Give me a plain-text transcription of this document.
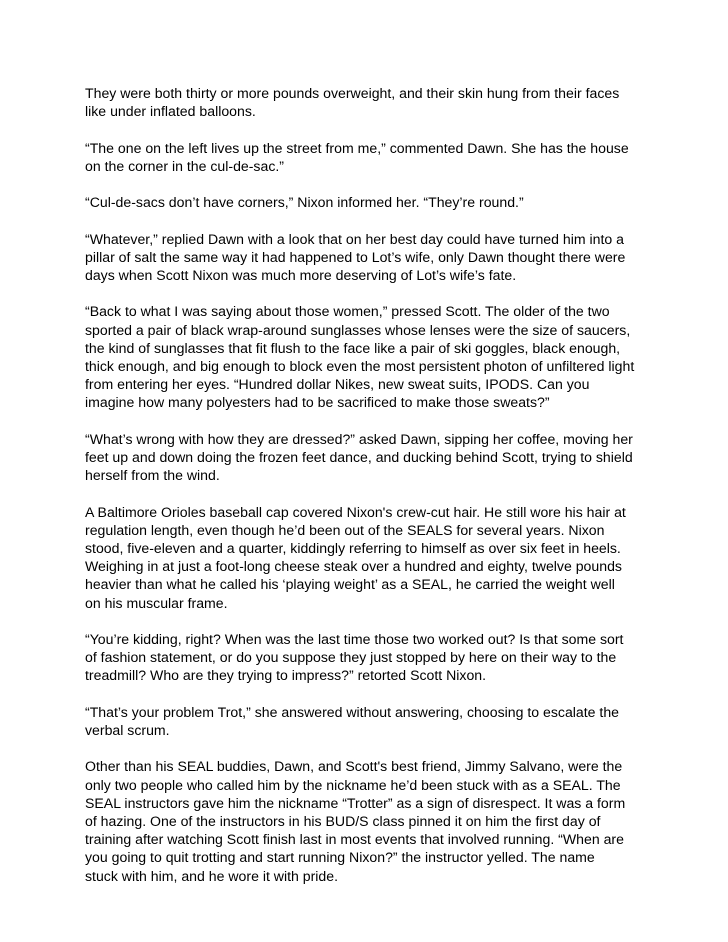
They were both thirty or more pounds overweight, and their skin hung from their faces
like under inflated balloons.

“The one on the left lives up the street from me,” commented Dawn. She has the house
on the corner in the cul-de-sac.”

“Cul-de-sacs don’t have corners,” Nixon informed her. “They’re round.”

“Whatever,” replied Dawn with a look that on her best day could have turned him into a
pillar of salt the same way it had happened to Lot’s wife, only Dawn thought there were
days when Scott Nixon was much more deserving of Lot’s wife’s fate.

“Back to what I was saying about those women,” pressed Scott. The older of the two
sported a pair of black wrap-around sunglasses whose lenses were the size of saucers,
the kind of sunglasses that fit flush to the face like a pair of ski goggles, black enough,
thick enough, and big enough to block even the most persistent photon of unfiltered light
from entering her eyes. “Hundred dollar Nikes, new sweat suits, IPODS. Can you
imagine how many polyesters had to be sacrificed to make those sweats?”

“What’s wrong with how they are dressed?” asked Dawn, sipping her coffee, moving her
feet up and down doing the frozen feet dance, and ducking behind Scott, trying to shield
herself from the wind.

A Baltimore Orioles baseball cap covered Nixon's crew-cut hair. He still wore his hair at
regulation length, even though he’d been out of the SEALS for several years. Nixon
stood, five-eleven and a quarter, kiddingly referring to himself as over six feet in heels.
Weighing in at just a foot-long cheese steak over a hundred and eighty, twelve pounds
heavier than what he called his ‘playing weight’ as a SEAL, he carried the weight well
on his muscular frame.

“You’re kidding, right? When was the last time those two worked out? Is that some sort
of fashion statement, or do you suppose they just stopped by here on their way to the
treadmill? Who are they trying to impress?” retorted Scott Nixon.

“That’s your problem Trot,” she answered without answering, choosing to escalate the
verbal scrum.

Other than his SEAL buddies, Dawn, and Scott's best friend, Jimmy Salvano, were the
only two people who called him by the nickname he’d been stuck with as a SEAL. The
SEAL instructors gave him the nickname “Trotter” as a sign of disrespect. It was a form
of hazing. One of the instructors in his BUD/S class pinned it on him the first day of
training after watching Scott finish last in most events that involved running. “When are
you going to quit trotting and start running Nixon?” the instructor yelled. The name
stuck with him, and he wore it with pride.
